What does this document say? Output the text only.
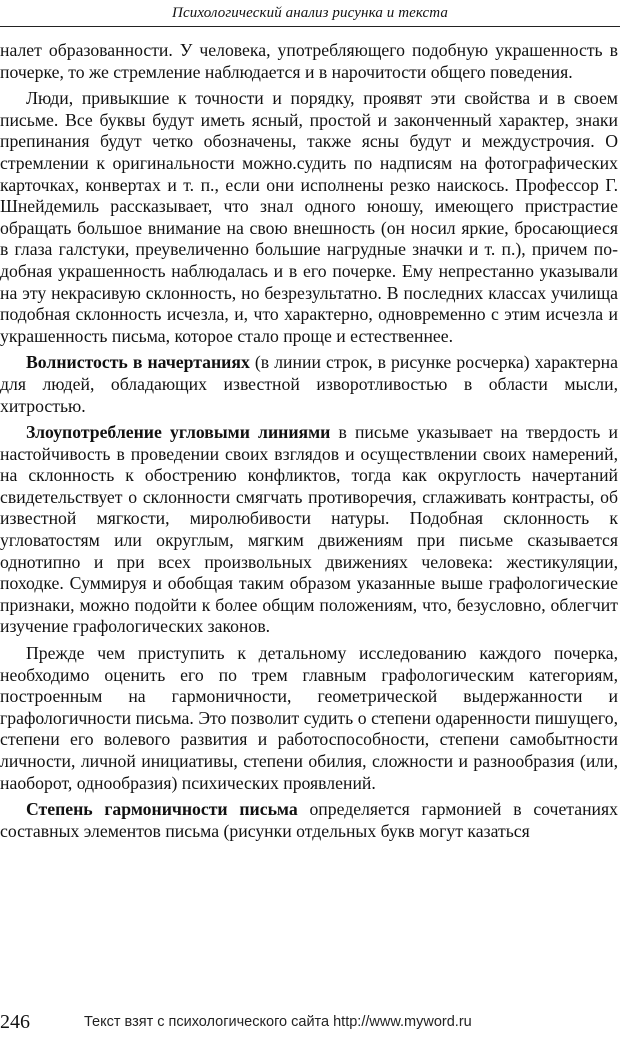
Психологический анализ рисунка и текста

налет образованности. У человека, употребляющего подобную украшенность в почерке, то же стремление наблюдается и в нарочитости общего поведения.

Люди, привыкшие к точности и порядку, проявят эти свойства и в своем письме. Все буквы будут иметь ясный, простой и законченный характер, знаки препинания будут четко обозначены, также ясны будут и междустрочия. О стремлении к оригинальности можно.судить по надписям на фотографических карточках, конвертах и т. п., если они исполнены резко наискось. Профессор Г. Шнейдемиль рассказывает, что знал одного юношу, имеющего пристрастие обращать большое внимание на свою внешность (он носил яркие, бросающиеся в глаза галстуки, преувеличенно большие нагрудные значки и т. п.), причем подобная украшенность наблюдалась и в его почерке. Ему непрестанно указывали на эту некрасивую склонность, но безрезультатно. В последних классах училища подобная склонность исчезла, и, что характерно, одновременно с этим исчезла и украшенность письма, которое стало проще и естественнее.

Волнистость в начертаниях (в линии строк, в рисунке росчерка) характерна для людей, обладающих известной изворотливостью в области мысли, хитростью.

Злоупотребление угловыми линиями в письме указывает на твердость и настойчивость в проведении своих взглядов и осуществлении своих намерений, на склонность к обострению конфликтов, тогда как округлость начертаний свидетельствует о склонности смягчать противоречия, сглаживать контрасты, об известной мягкости, миролюбивости натуры. Подобная склонность к угловатостям или округлым, мягким движениям при письме сказывается однотипно и при всех произвольных движениях человека: жестикуляции, походке. Суммируя и обобщая таким образом указанные выше графологические признаки, можно подойти к более общим положениям, что, безусловно, облегчит изучение графологических законов.

Прежде чем приступить к детальному исследованию каждого почерка, необходимо оценить его по трем главным графологическим категориям, построенным на гармоничности, геометрической выдержанности и графологичности письма. Это позволит судить о степени одаренности пишущего, степени его волевого развития и работоспособности, степени самобытности личности, личной инициативы, степени обилия, сложности и разнообразия (или, наоборот, однообразия) психических проявлений.

Степень гармоничности письма определяется гармонией в сочетаниях составных элементов письма (рисунки отдельных букв могут казаться

246	Текст взят с психологического сайта http://www.myword.ru
